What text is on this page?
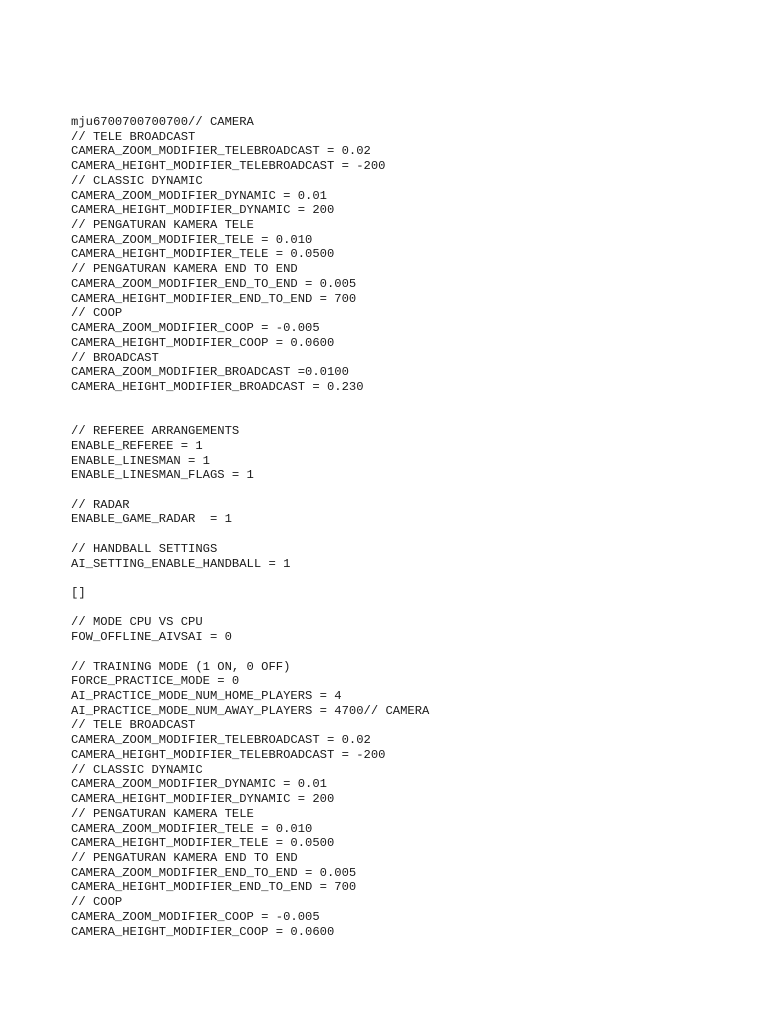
mju6700700700700// CAMERA
// TELE BROADCAST
CAMERA_ZOOM_MODIFIER_TELEBROADCAST = 0.02
CAMERA_HEIGHT_MODIFIER_TELEBROADCAST = -200
// CLASSIC DYNAMIC
CAMERA_ZOOM_MODIFIER_DYNAMIC = 0.01
CAMERA_HEIGHT_MODIFIER_DYNAMIC = 200
// PENGATURAN KAMERA TELE
CAMERA_ZOOM_MODIFIER_TELE = 0.010
CAMERA_HEIGHT_MODIFIER_TELE = 0.0500
// PENGATURAN KAMERA END TO END
CAMERA_ZOOM_MODIFIER_END_TO_END = 0.005
CAMERA_HEIGHT_MODIFIER_END_TO_END = 700
// COOP
CAMERA_ZOOM_MODIFIER_COOP = -0.005
CAMERA_HEIGHT_MODIFIER_COOP = 0.0600
// BROADCAST
CAMERA_ZOOM_MODIFIER_BROADCAST =0.0100
CAMERA_HEIGHT_MODIFIER_BROADCAST = 0.230
// REFEREE ARRANGEMENTS
ENABLE_REFEREE = 1
ENABLE_LINESMAN = 1
ENABLE_LINESMAN_FLAGS = 1
// RADAR
ENABLE_GAME_RADAR  = 1
// HANDBALL SETTINGS
AI_SETTING_ENABLE_HANDBALL = 1
[]
// MODE CPU VS CPU
FOW_OFFLINE_AIVSAI = 0
// TRAINING MODE (1 ON, 0 OFF)
FORCE_PRACTICE_MODE = 0
AI_PRACTICE_MODE_NUM_HOME_PLAYERS = 4
AI_PRACTICE_MODE_NUM_AWAY_PLAYERS = 4700// CAMERA
// TELE BROADCAST
CAMERA_ZOOM_MODIFIER_TELEBROADCAST = 0.02
CAMERA_HEIGHT_MODIFIER_TELEBROADCAST = -200
// CLASSIC DYNAMIC
CAMERA_ZOOM_MODIFIER_DYNAMIC = 0.01
CAMERA_HEIGHT_MODIFIER_DYNAMIC = 200
// PENGATURAN KAMERA TELE
CAMERA_ZOOM_MODIFIER_TELE = 0.010
CAMERA_HEIGHT_MODIFIER_TELE = 0.0500
// PENGATURAN KAMERA END TO END
CAMERA_ZOOM_MODIFIER_END_TO_END = 0.005
CAMERA_HEIGHT_MODIFIER_END_TO_END = 700
// COOP
CAMERA_ZOOM_MODIFIER_COOP = -0.005
CAMERA_HEIGHT_MODIFIER_COOP = 0.0600
